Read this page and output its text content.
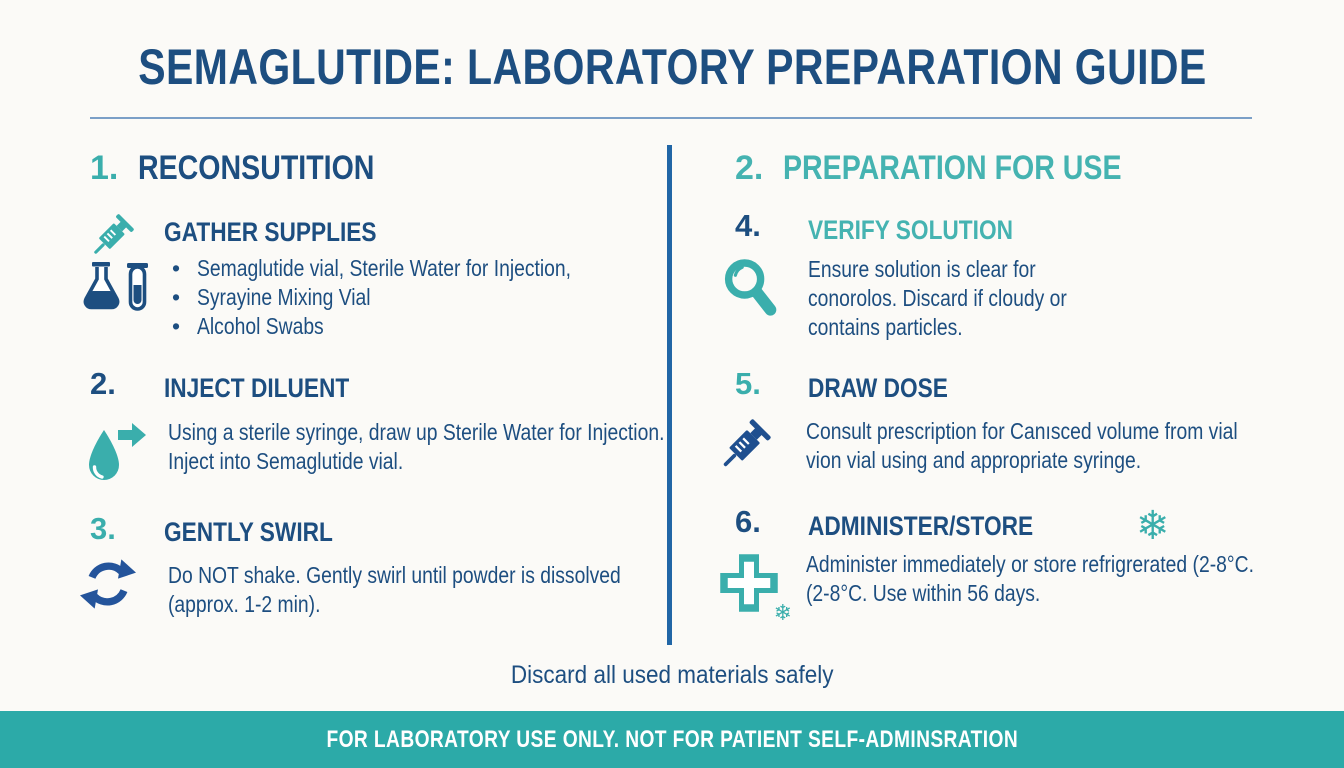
SEMAGLUTIDE: LABORATORY PREPARATION GUIDE
1. RECONSUTITION
GATHER SUPPLIES
• Semaglutide vial, Sterile Water for Injection,
• Syrayine Mixing Vial
• Alcohol Swabs
2. INJECT DILUENT
Using a sterile syringe, draw up Sterile Water for Injection.
Inject into Semaglutide vial.
3. GENTLY SWIRL
Do NOT shake. Gently swirl until powder is dissolved
(approx. 1-2 min).
2. PREPARATION FOR USE
4. VERIFY SOLUTION
Ensure solution is clear for
conorolos. Discard if cloudy or
contains particles.
5. DRAW DOSE
Consult prescription for Canısced volume from vial
vion vial using and appropriate syringe.
6.
❄
ADMINISTER/STORE	❄
Administer immediately or store refrigrerated (2-8°C.
(2-8°C. Use within 56 days.
Discard all used materials safely
FOR LABORATORY USE ONLY. NOT FOR PATIENT SELF-ADMINSRATION
